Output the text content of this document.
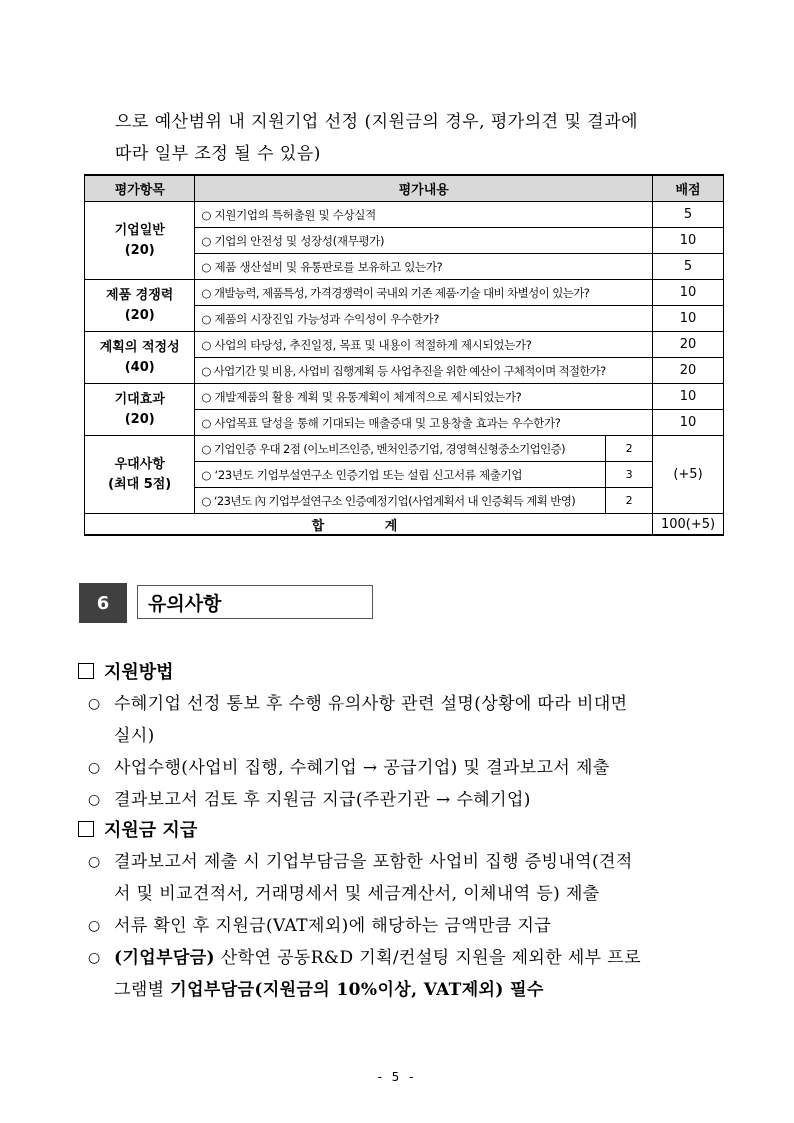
으로 예산범위 내 지원기업 선정 (지원금의 경우, 평가의견 및 결과에
따라 일부 조정 될 수 있음)
평가항목	평가내용		배점

기업일반
(20)	○ 지원기업의 특허출원 및 수상실적		5
	○ 기업의 안전성 및 성장성(재무평가)		10
	○ 제품 생산설비 및 유통판로를 보유하고 있는가?		5

제품 경쟁력
(20)	○ 개발능력, 제품특성, 가격경쟁력이 국내외 기존 제품·기술 대비 차별성이 있는가?		10
	○ 제품의 시장진입 가능성과 수익성이 우수한가?		10

계획의 적정성
(40)	○ 사업의 타당성, 추진일정, 목표 및 내용이 적절하게 제시되었는가?		20
	○ 사업기간 및 비용, 사업비 집행계획 등 사업추진을 위한 예산이 구체적이며 적절한가?		20

기대효과
(20)	○ 개발제품의 활용 계획 및 유통계획이 체계적으로 제시되었는가?		10
	○ 사업목표 달성을 통해 기대되는 매출증대 및 고용창출 효과는 우수한가?		10

우대사항
(최대 5점)	○ 기업인증 우대 2점 (이노비즈인증, 벤처인증기업, 경영혁신형중소기업인증)	2	(+5)
	○ ‘23년도 기업부설연구소 인증기업 또는 설립 신고서류 제출기업	3	
	○ ‘23년도 內 기업부설연구소 인증예정기업(사업계획서 내 인증획득 계획 반영)	2	
합 계			100(+5)
6	유의사항
지원방법
○ 수혜기업 선정 통보 후 수행 유의사항 관련 설명(상황에 따라 비대면
실시)
○ 사업수행(사업비 집행, 수혜기업 → 공급기업) 및 결과보고서 제출
○ 결과보고서 검토 후 지원금 지급(주관기관 → 수혜기업)
지원금 지급
○ 결과보고서 제출 시 기업부담금을 포함한 사업비 집행 증빙내역(견적
서 및 비교견적서, 거래명세서 및 세금계산서, 이체내역 등) 제출
○ 서류 확인 후 지원금(VAT제외)에 해당하는 금액만큼 지급
○ (기업부담금) 산학연 공동R&D 기획/컨설팅 지원을 제외한 세부 프로
그램별 기업부담금(지원금의 10%이상, VAT제외) 필수
- 5 -
